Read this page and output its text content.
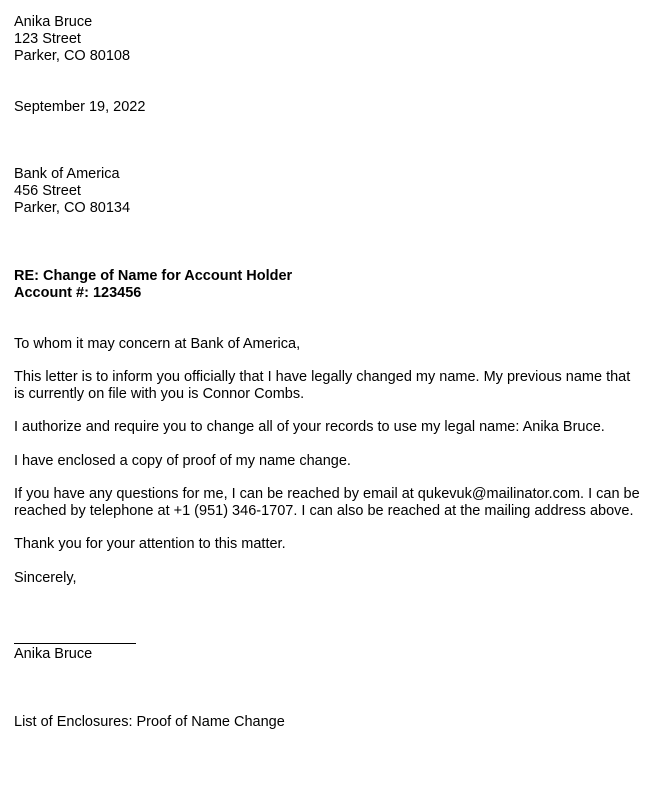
Anika Bruce
123 Street
Parker, CO 80108
September 19, 2022
Bank of America
456 Street
Parker, CO 80134
RE: Change of Name for Account Holder
Account #: 123456

To whom it may concern at Bank of America,

This letter is to inform you officially that I have legally changed my name. My previous name that is currently on file with you is Connor Combs.

I authorize and require you to change all of your records to use my legal name: Anika Bruce.

I have enclosed a copy of proof of my name change.

If you have any questions for me, I can be reached by email at qukevuk@mailinator.com. I can be reached by telephone at +1 (951) 346-1707. I can also be reached at the mailing address above.

Thank you for your attention to this matter.

Sincerely,

Anika Bruce
List of Enclosures: Proof of Name Change
